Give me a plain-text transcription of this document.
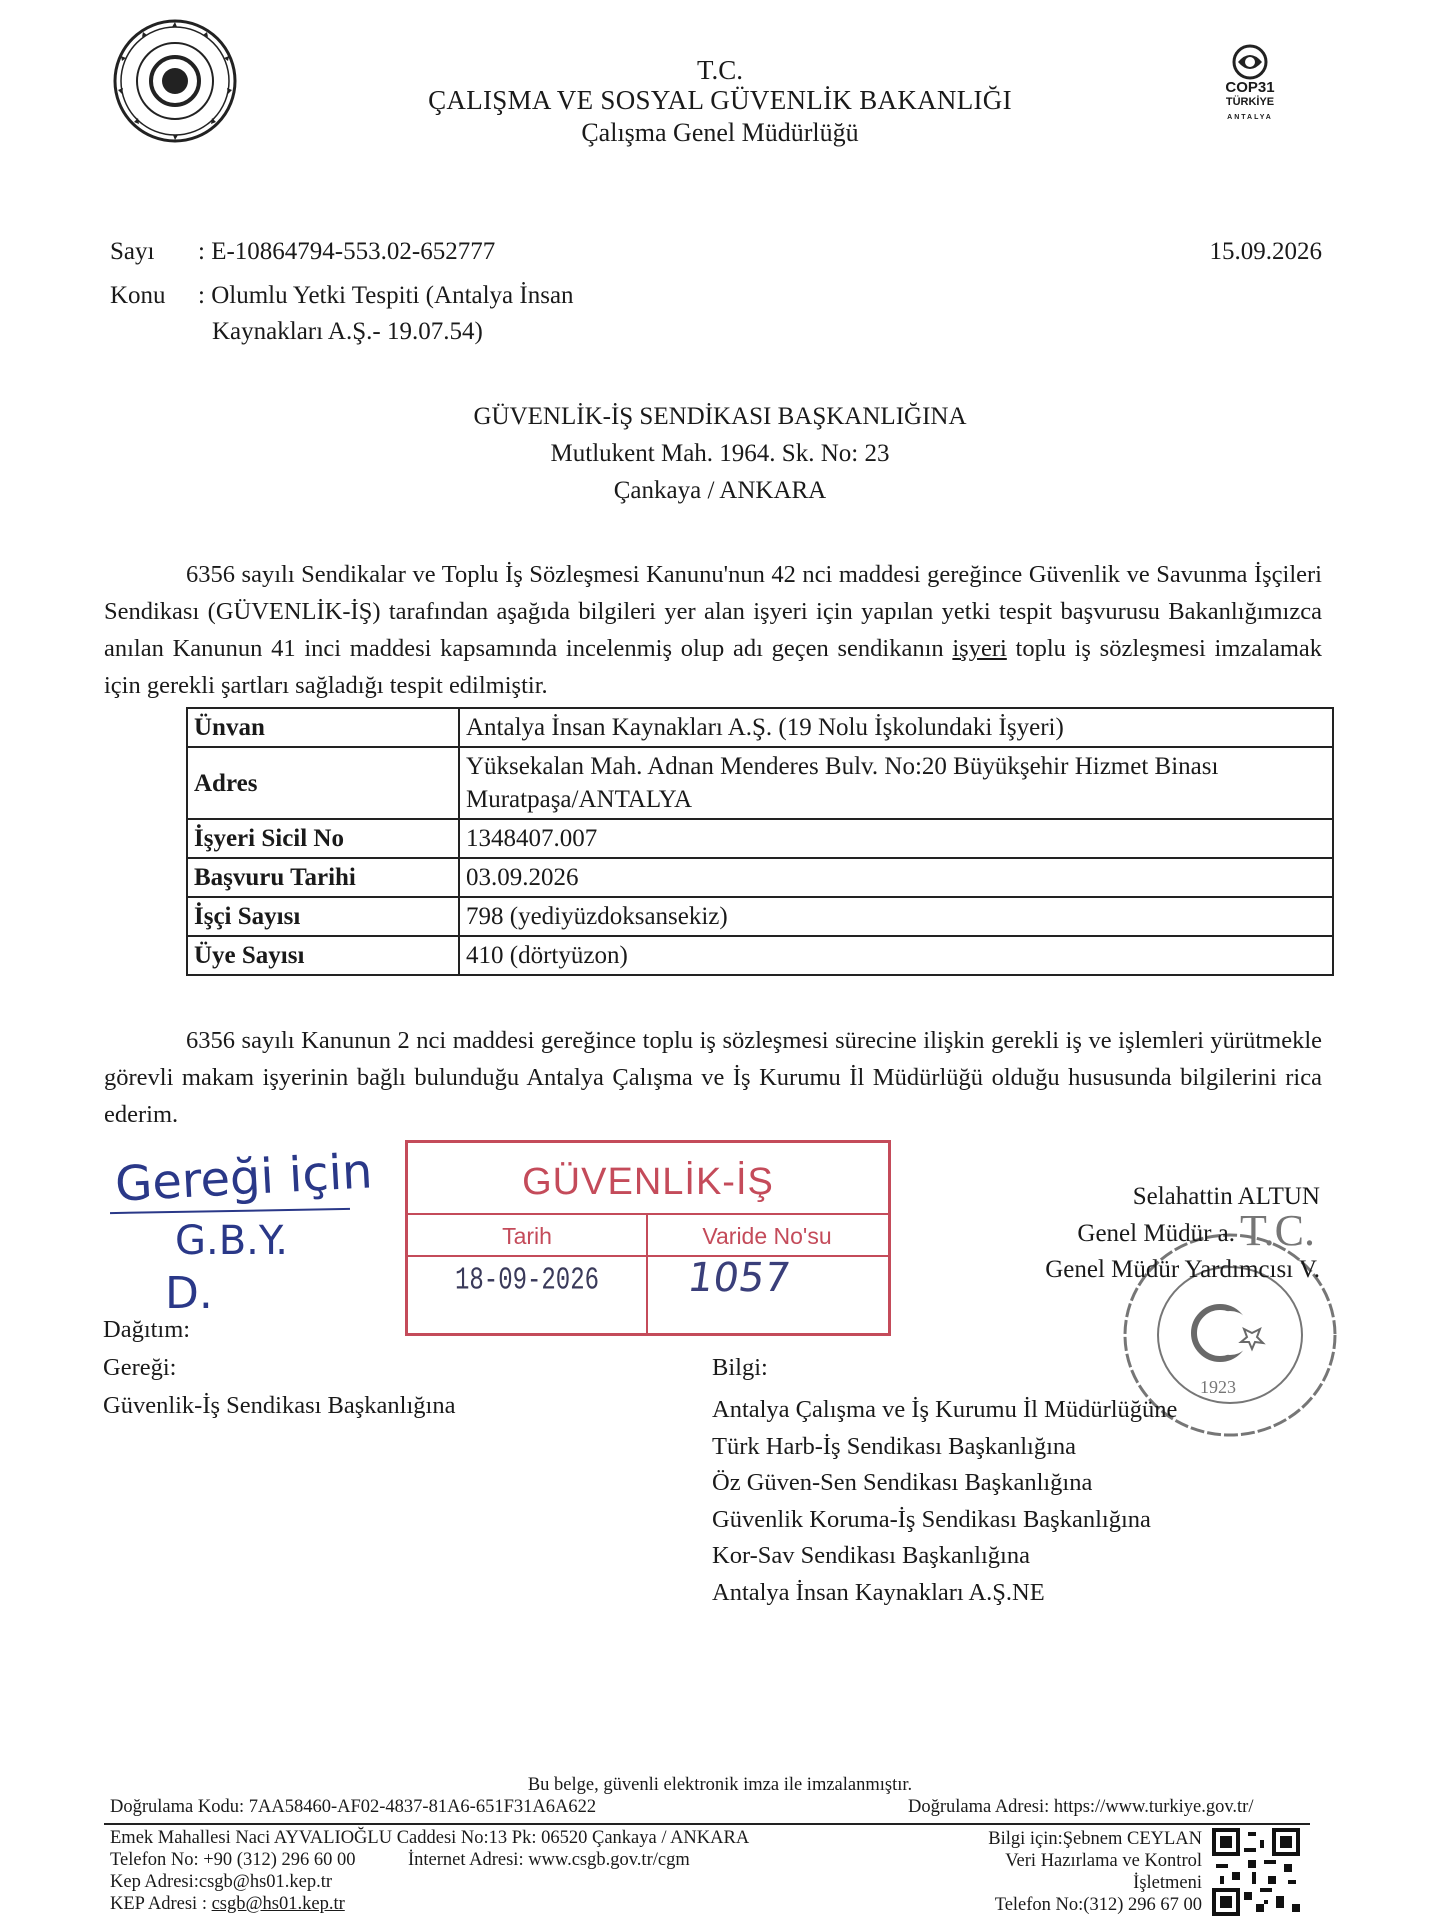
COP31
TÜRKİYE
ANTALYA
T.C.
ÇALIŞMA VE SOSYAL GÜVENLİK BAKANLIĞI
Çalışma Genel Müdürlüğü
Sayı : E-10864794-553.02-652777	15.09.2026
Konu : Olumlu Yetki Tespiti (Antalya İnsan
Kaynakları A.Ş.- 19.07.54)
GÜVENLİK-İŞ SENDİKASI BAŞKANLIĞINA
Mutlukent Mah. 1964. Sk. No: 23
Çankaya / ANKARA

6356 sayılı Sendikalar ve Toplu İş Sözleşmesi Kanunu'nun 42 nci maddesi gereğince Güvenlik ve Savunma İşçileri Sendikası (GÜVENLİK-İŞ) tarafından aşağıda bilgileri yer alan işyeri için yapılan yetki tespit başvurusu Bakanlığımızca anılan Kanunun 41 inci maddesi kapsamında incelenmiş olup adı geçen sendikanın işyeri toplu iş sözleşmesi imzalamak için gerekli şartları sağladığı tespit edilmiştir.

Ünvan	Antalya İnsan Kaynakları A.Ş. (19 Nolu İşkolundaki İşyeri)
Adres	Yüksekalan Mah. Adnan Menderes Bulv. No:20 Büyükşehir Hizmet Binası Muratpaşa/ANTALYA
İşyeri Sicil No	1348407.007
Başvuru Tarihi	03.09.2026
İşçi Sayısı	798 (yediyüzdoksansekiz)
Üye Sayısı	410 (dörtyüzon)

6356 sayılı Kanunun 2 nci maddesi gereğince toplu iş sözleşmesi sürecine ilişkin gerekli iş ve işlemleri yürütmekle görevli makam işyerinin bağlı bulunduğu Antalya Çalışma ve İş Kurumu İl Müdürlüğü olduğu hususunda bilgilerini rica ederim.

Gereği için
G.B.Y.
D.
GÜVENLİK-İŞ
Tarih	Varide No'su
18-09-2026	1057
T.C.
1923
Selahattin ALTUN
Genel Müdür a.
Genel Müdür Yardımcısı V.
Dağıtım:
Gereği:
Güvenlik-İş Sendikası Başkanlığına
Bilgi:
Antalya Çalışma ve İş Kurumu İl Müdürlüğüne
Türk Harb-İş Sendikası Başkanlığına
Öz Güven-Sen Sendikası Başkanlığına
Güvenlik Koruma-İş Sendikası Başkanlığına
Kor-Sav Sendikası Başkanlığına
Antalya İnsan Kaynakları A.Ş.NE
Bu belge, güvenli elektronik imza ile imzalanmıştır.
Doğrulama Kodu: 7AA58460-AF02-4837-81A6-651F31A6A622	Doğrulama Adresi: https://www.turkiye.gov.tr/
Emek Mahallesi Naci AYVALIOĞLU Caddesi No:13 Pk: 06520 Çankaya / ANKARA
Telefon No: +90 (312) 296 60 00	İnternet Adresi: www.csgb.gov.tr/cgm
Kep Adresi:csgb@hs01.kep.tr
KEP Adresi : csgb@hs01.kep.tr
Bilgi için:Şebnem CEYLAN
Veri Hazırlama ve Kontrol
İşletmeni
Telefon No:(312) 296 67 00
